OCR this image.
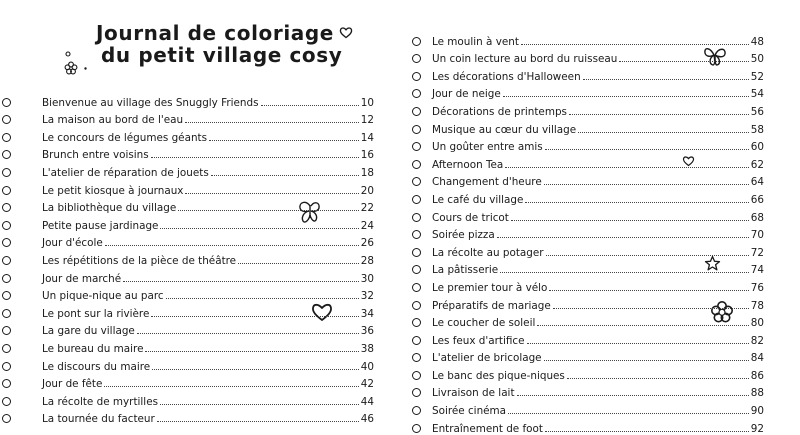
Journal de coloriage
du petit village cosy
Bienvenue au village des Snuggly Friends	10
La maison au bord de l'eau	12
Le concours de légumes géants	14
Brunch entre voisins	16
L'atelier de réparation de jouets	18
Le petit kiosque à journaux	20
La bibliothèque du village	22
Petite pause jardinage	24
Jour d'école	26
Les répétitions de la pièce de théâtre	28
Jour de marché	30
Un pique-nique au parc	32
Le pont sur la rivière	34
La gare du village	36
Le bureau du maire	38
Le discours du maire	40
Jour de fête	42
La récolte de myrtilles	44
La tournée du facteur	46
Le moulin à vent	48
Un coin lecture au bord du ruisseau	50
Les décorations d'Halloween	52
Jour de neige	54
Décorations de printemps	56
Musique au cœur du village	58
Un goûter entre amis	60
Afternoon Tea	62
Changement d'heure	64
Le café du village	66
Cours de tricot	68
Soirée pizza	70
La récolte au potager	72
La pâtisserie	74
Le premier tour à vélo	76
Préparatifs de mariage	78
Le coucher de soleil	80
Les feux d'artifice	82
L'atelier de bricolage	84
Le banc des pique-niques	86
Livraison de lait	88
Soirée cinéma	90
Entraînement de foot	92
